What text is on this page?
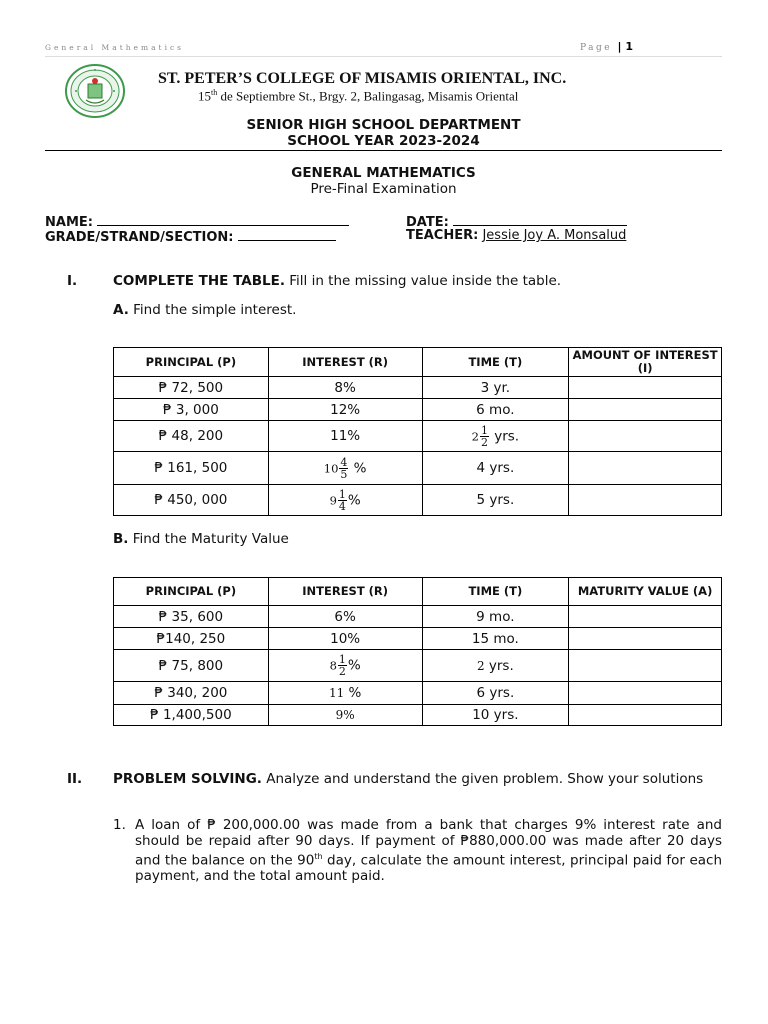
General Mathematics	Page | 1
ST. PETER’S COLLEGE OF MISAMIS ORIENTAL, INC.
15th de Septiembre St., Brgy. 2, Balingasag, Misamis Oriental
SENIOR HIGH SCHOOL DEPARTMENT
SCHOOL YEAR 2023-2024
GENERAL MATHEMATICS
Pre-Final Examination
NAME:	DATE:
GRADE/STRAND/SECTION:	TEACHER: Jessie Joy A. Monsalud
I.	COMPLETE THE TABLE. Fill in the missing value inside the table.
A. Find the simple interest.
PRINCIPAL (P)	INTEREST (R)	TIME (T)	AMOUNT OF INTEREST (I)
₱ 72, 500	8%	3 yr.	
₱ 3, 000	12%	6 mo.	
₱ 48, 200	11%	$2 \frac{1}{2}$ yrs.	
₱ 161, 500	$10 \frac{4}{5}$ %	4 yrs.	
₱ 450, 000	$9 \frac{1}{4}$ %	5 yrs.	
B. Find the Maturity Value
PRINCIPAL (P)	INTEREST (R)	TIME (T)	MATURITY VALUE (A)
₱ 35, 600	6%	9 mo.	
₱140, 250	10%	15 mo.	
₱ 75, 800	$8 \frac{1}{2}$ %	2 yrs.	
₱ 340, 200	11 %	6 yrs.	
₱ 1,400,500	9%	10 yrs.	
II. PROBLEM SOLVING. Analyze and understand the given problem. Show your solutions
1. A loan of ₱ 200,000.00 was made from a bank that charges 9% interest rate and should be repaid after 90 days. If payment of ₱880,000.00 was made after 20 days and the balance on the 90th day, calculate the amount interest, principal paid for each payment, and the total amount paid.
